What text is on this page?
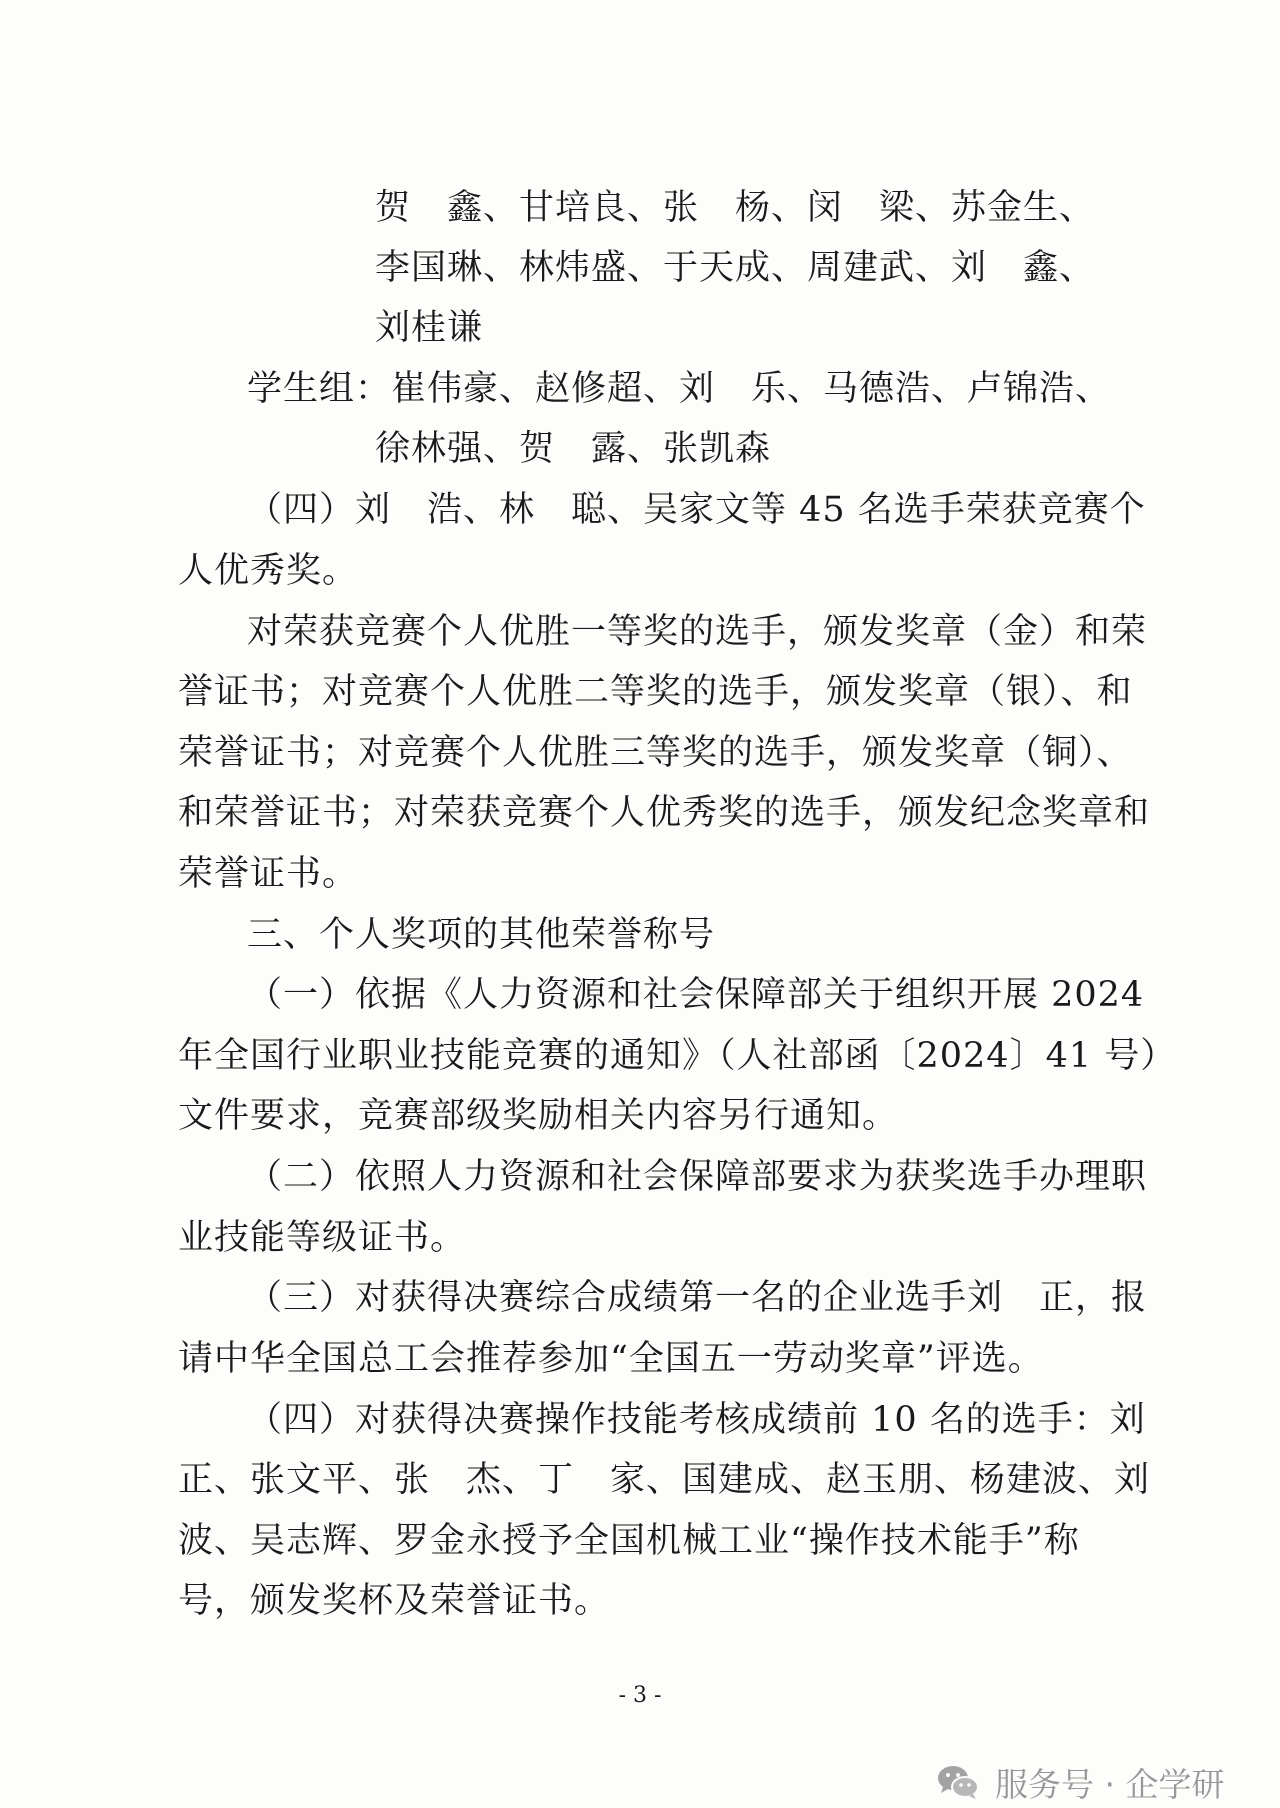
贺　鑫、甘培良、张　杨、闵　梁、苏金生、
李国琳、林炜盛、于天成、周建武、刘　鑫、
刘桂谦
学生组：崔伟豪、赵修超、刘　乐、马德浩、卢锦浩、
徐林强、贺　露、张凯森
（四）刘　浩、林　聪、吴家文等 45 名选手荣获竞赛个
人优秀奖。
对荣获竞赛个人优胜一等奖的选手，颁发奖章（金）和荣
誉证书；对竞赛个人优胜二等奖的选手，颁发奖章（银）、和
荣誉证书；对竞赛个人优胜三等奖的选手，颁发奖章（铜）、
和荣誉证书；对荣获竞赛个人优秀奖的选手，颁发纪念奖章和
荣誉证书。
三、个人奖项的其他荣誉称号
（一）依据《人力资源和社会保障部关于组织开展 2024
年全国行业职业技能竞赛的通知》（人社部函〔2024〕41 号）
文件要求，竞赛部级奖励相关内容另行通知。
（二）依照人力资源和社会保障部要求为获奖选手办理职
业技能等级证书。
（三）对获得决赛综合成绩第一名的企业选手刘　正，报
请中华全国总工会推荐参加“全国五一劳动奖章”评选。
（四）对获得决赛操作技能考核成绩前 10 名的选手：刘
正、张文平、张　杰、丁　家、国建成、赵玉朋、杨建波、刘
波、吴志辉、罗金永授予全国机械工业“操作技术能手”称
号，颁发奖杯及荣誉证书。
- 3 -
服务号 · 企学研
